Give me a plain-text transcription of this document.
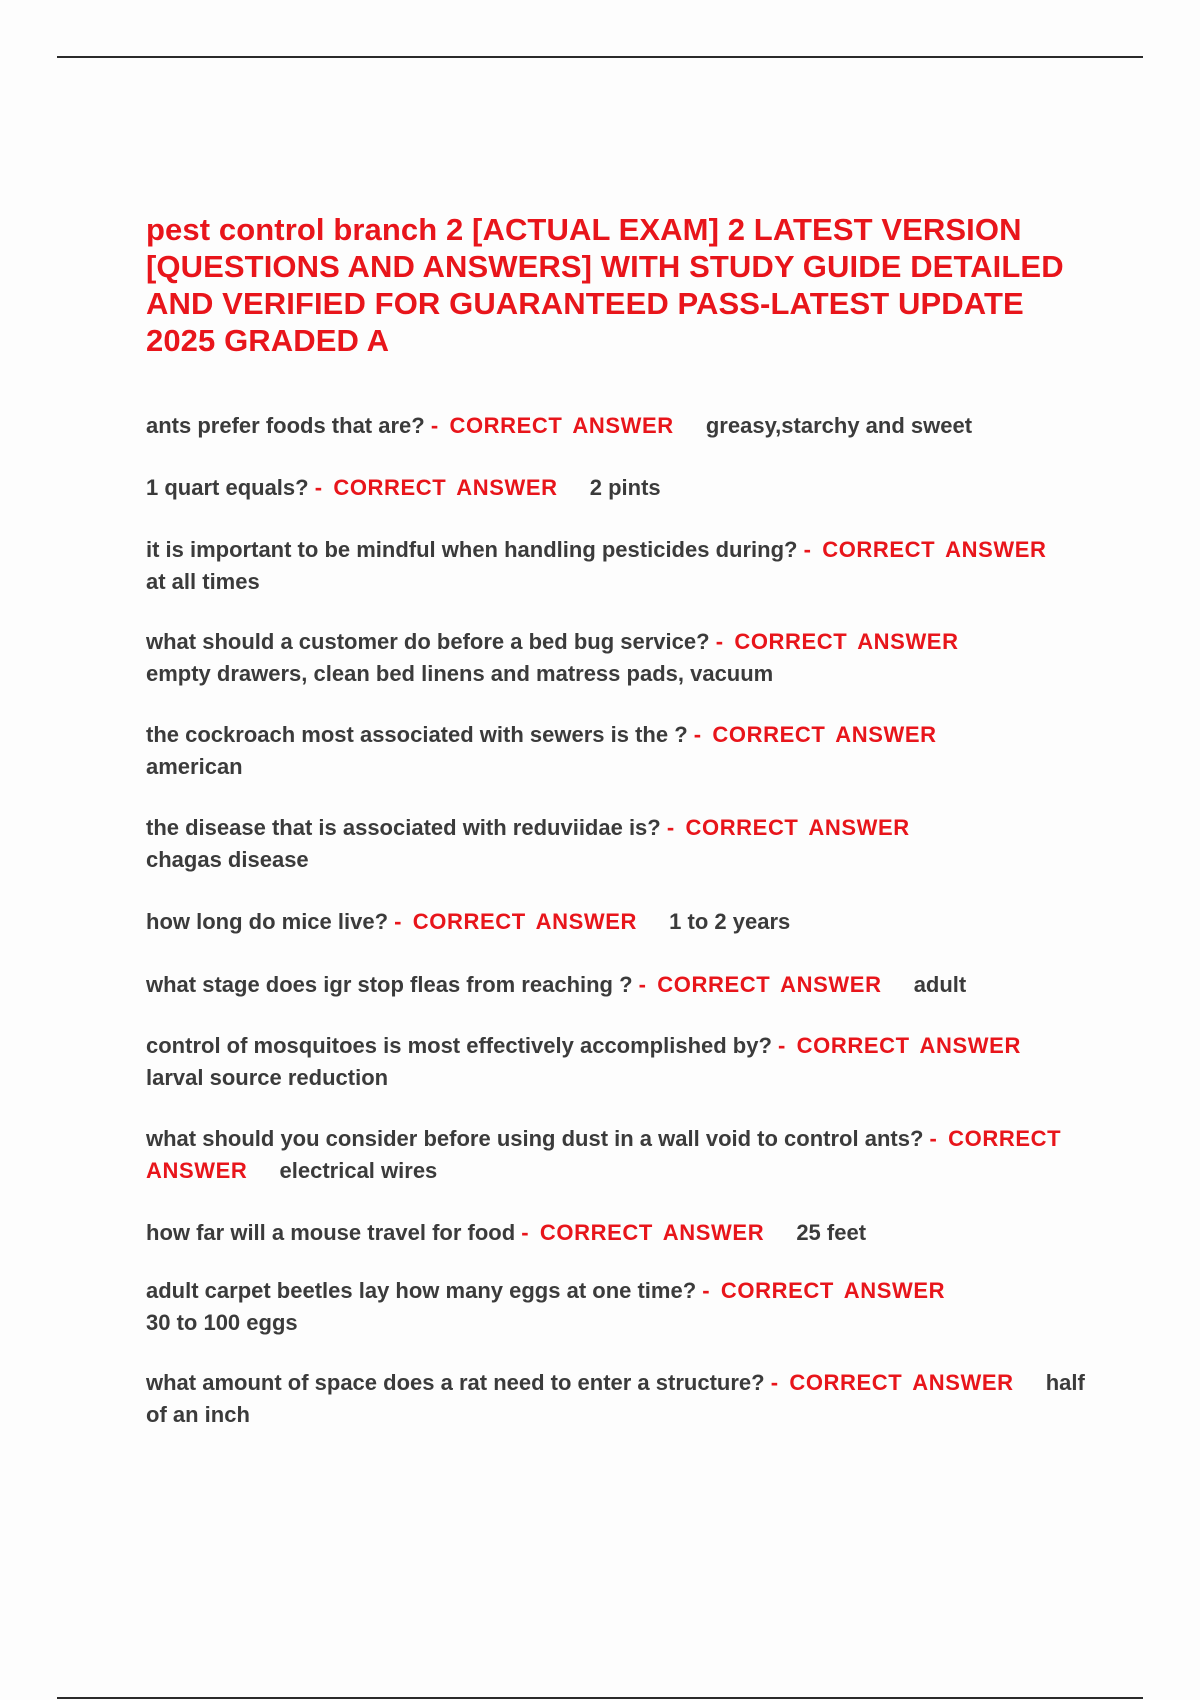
pest control branch 2 [ACTUAL EXAM] 2 LATEST VERSION [QUESTIONS AND ANSWERS] WITH STUDY GUIDE DETAILED AND VERIFIED FOR GUARANTEED PASS-LATEST UPDATE 2025 GRADED A
ants prefer foods that are? - CORRECT ANSWER greasy,starchy and sweet
1 quart equals? - CORRECT ANSWER 2 pints
it is important to be mindful when handling pesticides during? - CORRECT ANSWER at all times
what should a customer do before a bed bug service? - CORRECT ANSWER
empty drawers, clean bed linens and matress pads, vacuum
the cockroach most associated with sewers is the ? - CORRECT ANSWER
american
the disease that is associated with reduviidae is? - CORRECT ANSWER
chagas disease
how long do mice live? - CORRECT ANSWER 1 to 2 years
what stage does igr stop fleas from reaching ? - CORRECT ANSWER adult
control of mosquitoes is most effectively accomplished by? - CORRECT ANSWER larval source reduction
what should you consider before using dust in a wall void to control ants? - CORRECT ANSWER electrical wires
how far will a mouse travel for food - CORRECT ANSWER 25 feet
adult carpet beetles lay how many eggs at one time? - CORRECT ANSWER
30 to 100 eggs
what amount of space does a rat need to enter a structure? - CORRECT ANSWER half of an inch
